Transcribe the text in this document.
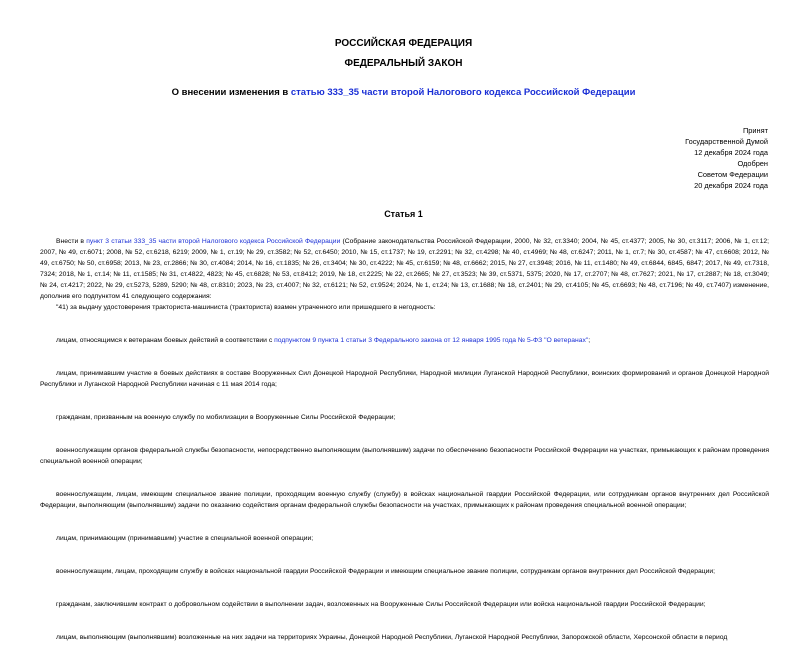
РОССИЙСКАЯ ФЕДЕРАЦИЯ
ФЕДЕРАЛЬНЫЙ ЗАКОН
О внесении изменения в статью 333_35 части второй Налогового кодекса Российской Федерации
Принят
Государственной Думой
12 декабря 2024 года
Одобрен
Советом Федерации
20 декабря 2024 года
Статья 1

Внести в пункт 3 статьи 333_35 части второй Налогового кодекса Российской Федерации (Собрание законодательства Российской Федерации, 2000, № 32, ст.3340; 2004, № 45, ст.4377; 2005, № 30, ст.3117; 2006, № 1, ст.12; 2007, № 49, ст.6071; 2008, № 52, ст.6218, 6219; 2009, № 1, ст.19; № 29, ст.3582; № 52, ст.6450; 2010, № 15, ст.1737; № 19, ст.2291; № 32, ст.4298; № 40, ст.4969; № 48, ст.6247; 2011, № 1, ст.7; № 30, ст.4587; № 47, ст.6608; 2012, № 49, ст.6750; № 50, ст.6958; 2013, № 23, ст.2866; № 30, ст.4084; 2014, № 16, ст.1835; № 26, ст.3404; № 30, ст.4222; № 45, ст.6159; № 48, ст.6662; 2015, № 27, ст.3948; 2016, № 11, ст.1480; № 49, ст.6844, 6845, 6847; 2017, № 49, ст.7318, 7324; 2018, № 1, ст.14; № 11, ст.1585; № 31, ст.4822, 4823; № 45, ст.6828; № 53, ст.8412; 2019, № 18, ст.2225; № 22, ст.2665; № 27, ст.3523; № 39, ст.5371, 5375; 2020, № 17, ст.2707; № 48, ст.7627; 2021, № 17, ст.2887; № 18, ст.3049; № 24, ст.4217; 2022, № 29, ст.5273, 5289, 5290; № 48, ст.8310; 2023, № 23, ст.4007; № 32, ст.6121; № 52, ст.9524; 2024, № 1, ст.24; № 13, ст.1688; № 18, ст.2401; № 29, ст.4105; № 45, ст.6693; № 48, ст.7196; № 49, ст.7407) изменение, дополнив его подпунктом 41 следующего содержания:

"41) за выдачу удостоверения тракториста-машиниста (тракториста) взамен утраченного или пришедшего в негодность:

лицам, относящимся к ветеранам боевых действий в соответствии с подпунктом 9 пункта 1 статьи 3 Федерального закона от 12 января 1995 года № 5-ФЗ "О ветеранах";

лицам, принимавшим участие в боевых действиях в составе Вооруженных Сил Донецкой Народной Республики, Народной милиции Луганской Народной Республики, воинских формирований и органов Донецкой Народной Республики и Луганской Народной Республики начиная с 11 мая 2014 года;

гражданам, призванным на военную службу по мобилизации в Вооруженные Силы Российской Федерации;

военнослужащим органов федеральной службы безопасности, непосредственно выполняющим (выполнявшим) задачи по обеспечению безопасности Российской Федерации на участках, примыкающих к районам проведения специальной военной операции;

военнослужащим, лицам, имеющим специальное звание полиции, проходящим военную службу (службу) в войсках национальной гвардии Российской Федерации, или сотрудникам органов внутренних дел Российской Федерации, выполняющим (выполнявшим) задачи по оказанию содействия органам федеральной службы безопасности на участках, примыкающих к районам проведения специальной военной операции;

лицам, принимающим (принимавшим) участие в специальной военной операции;

военнослужащим, лицам, проходящим службу в войсках национальной гвардии Российской Федерации и имеющим специальное звание полиции, сотрудникам органов внутренних дел Российской Федерации;

гражданам, заключившим контракт о добровольном содействии в выполнении задач, возложенных на Вооруженные Силы Российской Федерации или войска национальной гвардии Российской Федерации;

лицам, выполняющим (выполнявшим) возложенные на них задачи на территориях Украины, Донецкой Народной Республики, Луганской Народной Республики, Запорожской области, Херсонской области в период
